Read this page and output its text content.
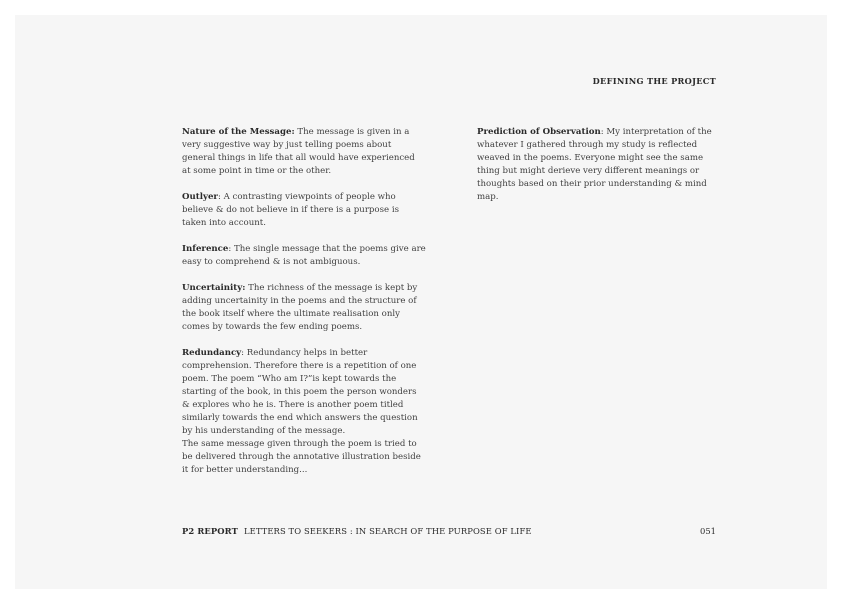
DEFINING THE PROJECT

Nature of the Message: The message is given in a very suggestive way by just telling poems about general things in life that all would have experienced at some point in time or the other.

Outlyer: A contrasting viewpoints of people who believe & do not believe in if there is a purpose is taken into account.

Inference: The single message that the poems give are easy to comprehend & is not ambiguous.

Uncertainity: The richness of the message is kept by adding uncertainity in the poems and the structure of the book itself where the ultimate realisation only comes by towards the few ending poems.

Redundancy: Redundancy helps in better comprehension. Therefore there is a repetition of one poem. The poem “Who am I?”is kept towards the starting of the book, in this poem the person wonders & explores who he is. There is another poem titled similarly towards the end which answers the question by his understanding of the message.
The same message given through the poem is tried to be delivered through the annotative illustration beside it for better understanding...

Prediction of Observation: My interpretation of the whatever I gathered through my study is reflected weaved in the poems. Everyone might see the same thing but might derieve very different meanings or thoughts based on their prior understanding & mind map.

P2 REPORT LETTERS TO SEEKERS : IN SEARCH OF THE PURPOSE OF LIFE	051
